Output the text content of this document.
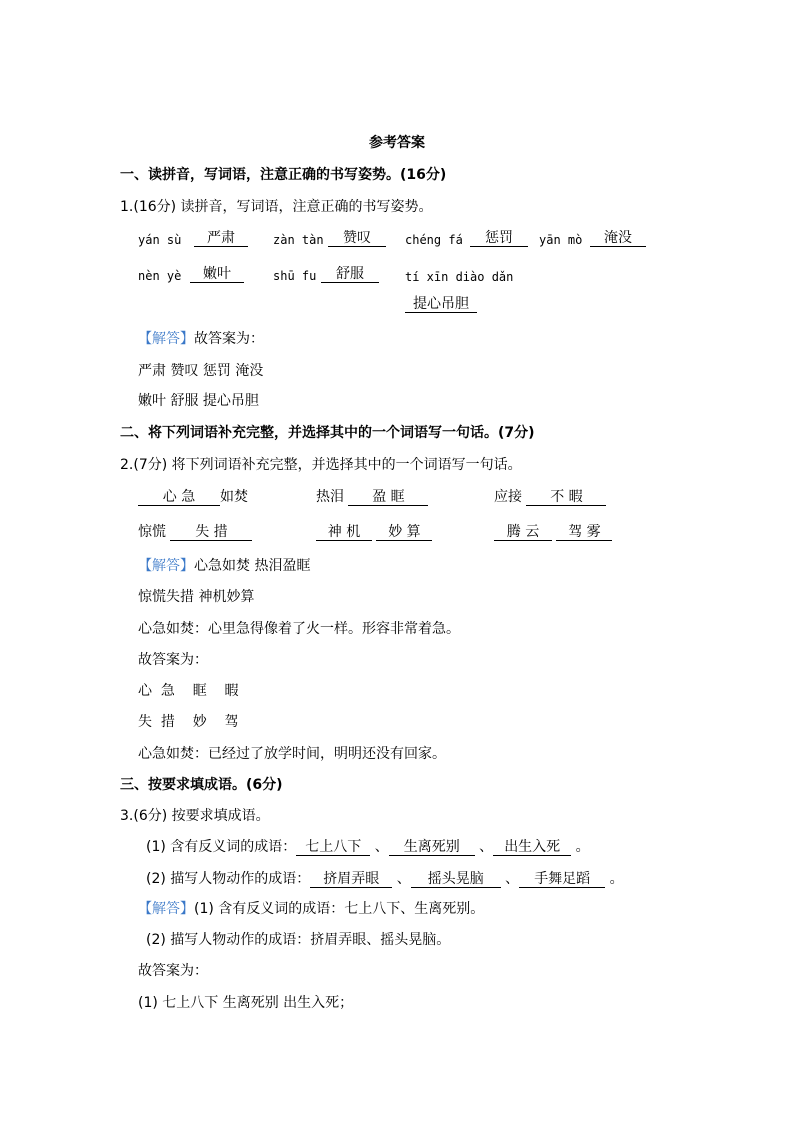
参考答案
一、读拼音，写词语，注意正确的书写姿势。(16分)
1.(16分) 读拼音，写词语，注意正确的书写姿势。
yán sù	严肃	zàn tàn	赞叹	chéng fá	惩罚	yān mò	淹没
nèn yè	嫩叶	shū fu	舒服	tí xīn diào dǎn
提心吊胆
【解答】故答案为：
严肃 赞叹 惩罚 淹没
嫩叶 舒服 提心吊胆
二、将下列词语补充完整，并选择其中的一个词语写一句话。(7分)
2.(7分) 将下列词语补充完整，并选择其中的一个词语写一句话。
心 急 如焚	热泪 盈 眶	应接 不 暇
惊慌 失 措	神 机 妙 算	腾 云 驾 雾
【解答】心急如焚 热泪盈眶
惊慌失措 神机妙算
心急如焚：心里急得像着了火一样。形容非常着急。
故答案为：
心  急    眶    暇
失  措    妙    驾
心急如焚：已经过了放学时间，明明还没有回家。
三、按要求填成语。(6分)
3.(6分) 按要求填成语。
(1) 含有反义词的成语： 七上八下 、 生离死别 、 出生入死 。
(2) 描写人物动作的成语： 挤眉弄眼 、 摇头晃脑 、 手舞足蹈 。
【解答】(1) 含有反义词的成语：七上八下、生离死别。
(2) 描写人物动作的成语：挤眉弄眼、摇头晃脑。
故答案为：
(1) 七上八下 生离死别 出生入死；
